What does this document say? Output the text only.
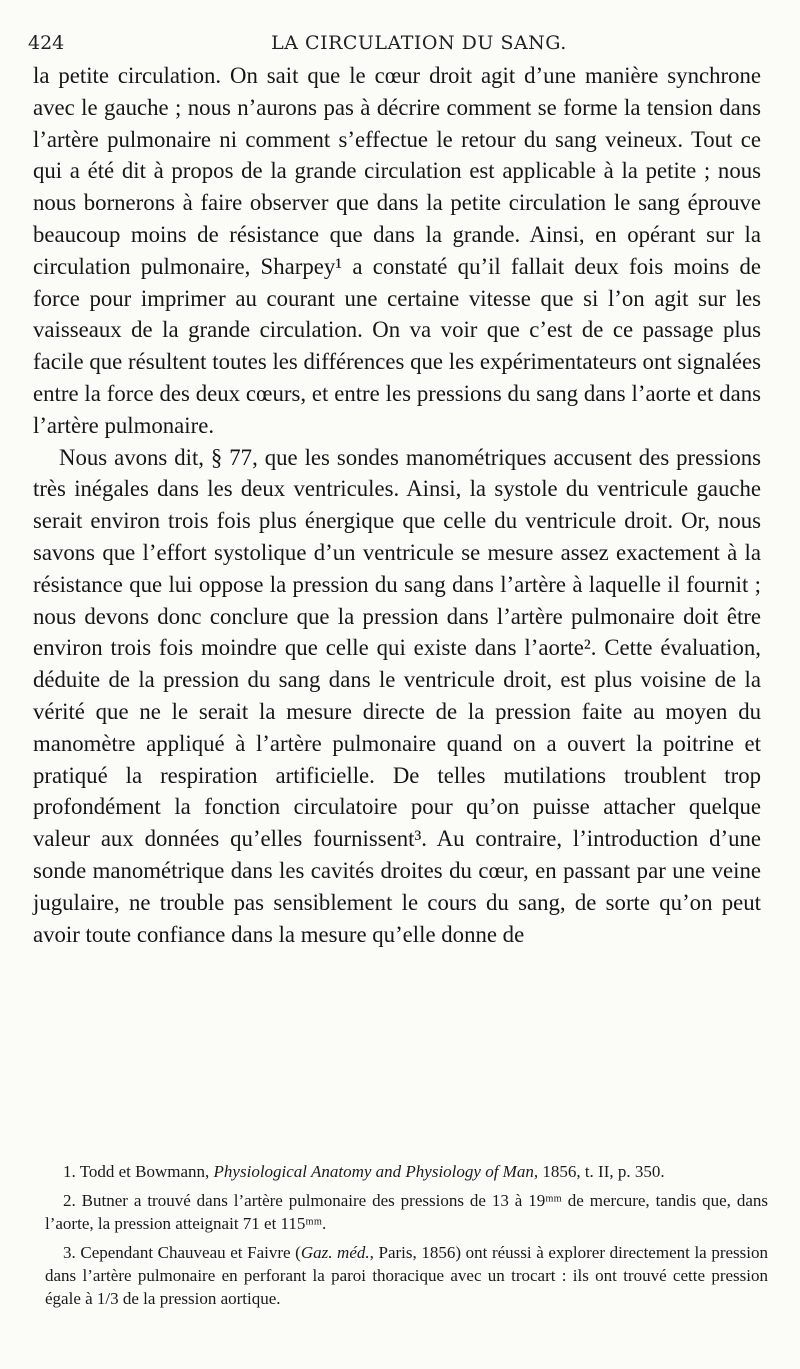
424	LA CIRCULATION DU SANG.

la petite circulation. On sait que le cœur droit agit d’une manière synchrone avec le gauche ; nous n’aurons pas à décrire comment se forme la tension dans l’artère pulmonaire ni comment s’effectue le retour du sang veineux. Tout ce qui a été dit à propos de la grande circulation est applicable à la petite ; nous nous bornerons à faire observer que dans la petite circulation le sang éprouve beaucoup moins de résistance que dans la grande. Ainsi, en opérant sur la circulation pulmonaire, Sharpey¹ a constaté qu’il fallait deux fois moins de force pour imprimer au courant une certaine vitesse que si l’on agit sur les vaisseaux de la grande circulation. On va voir que c’est de ce passage plus facile que résultent toutes les différences que les expérimentateurs ont signalées entre la force des deux cœurs, et entre les pressions du sang dans l’aorte et dans l’artère pulmonaire.

Nous avons dit, § 77, que les sondes manométriques accusent des pressions très inégales dans les deux ventricules. Ainsi, la systole du ventricule gauche serait environ trois fois plus énergique que celle du ventricule droit. Or, nous savons que l’effort systolique d’un ventricule se mesure assez exactement à la résistance que lui oppose la pression du sang dans l’artère à laquelle il fournit ; nous devons donc conclure que la pression dans l’artère pulmonaire doit être environ trois fois moindre que celle qui existe dans l’aorte². Cette évaluation, déduite de la pression du sang dans le ventricule droit, est plus voisine de la vérité que ne le serait la mesure directe de la pression faite au moyen du manomètre appliqué à l’artère pulmonaire quand on a ouvert la poitrine et pratiqué la respiration artificielle. De telles mutilations troublent trop profondément la fonction circulatoire pour qu’on puisse attacher quelque valeur aux données qu’elles fournissent³. Au contraire, l’introduction d’une sonde manométrique dans les cavités droites du cœur, en passant par une veine jugulaire, ne trouble pas sensiblement le cours du sang, de sorte qu’on peut avoir toute confiance dans la mesure qu’elle donne de

1. Todd et Bowmann, Physiological Anatomy and Physiology of Man, 1856, t. II, p. 350.

2. Butner a trouvé dans l’artère pulmonaire des pressions de 13 à 19ᵐᵐ de mercure, tandis que, dans l’aorte, la pression atteignait 71 et 115ᵐᵐ.

3. Cependant Chauveau et Faivre (Gaz. méd., Paris, 1856) ont réussi à explorer directement la pression dans l’artère pulmonaire en perforant la paroi thoracique avec un trocart : ils ont trouvé cette pression égale à 1/3 de la pression aortique.
